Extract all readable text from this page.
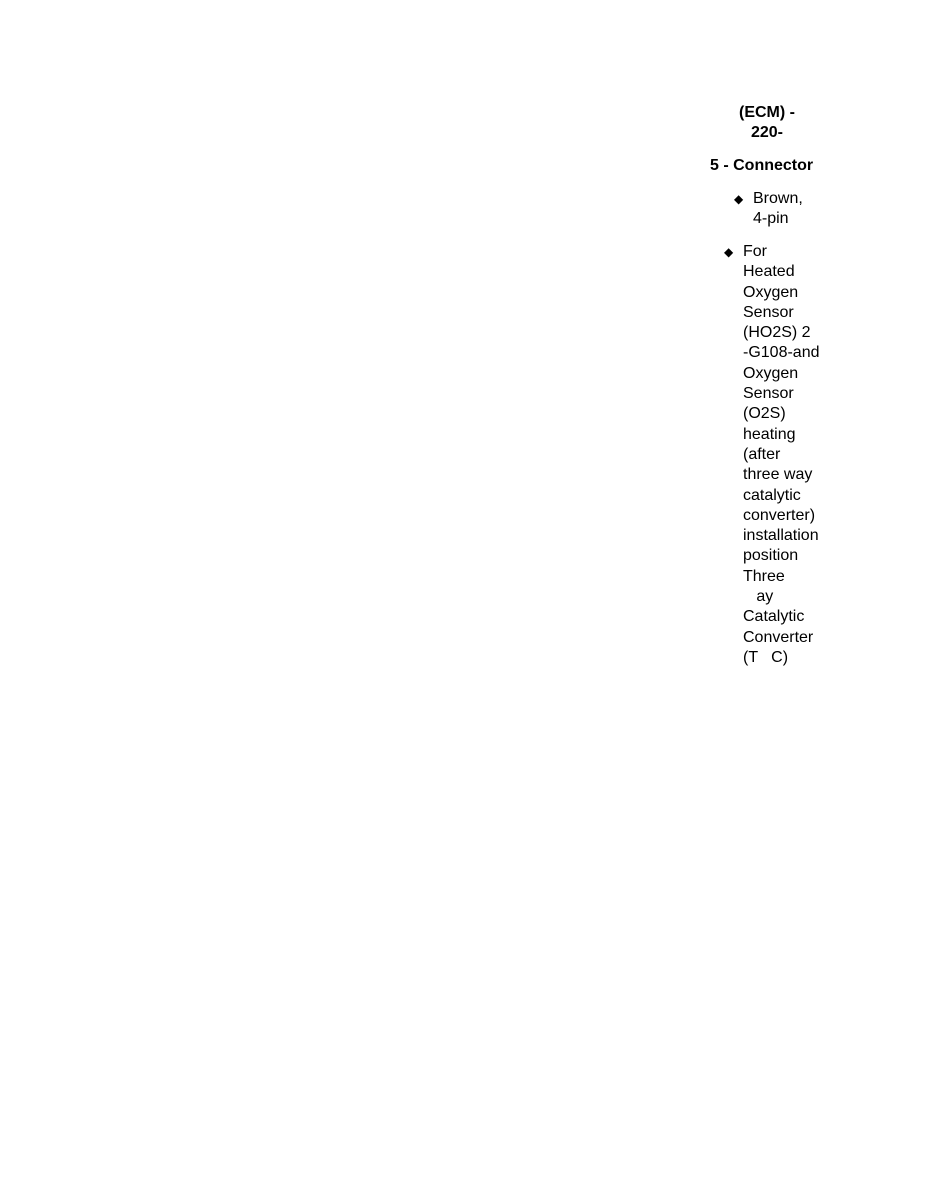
(ECM) -
220-
5 - Connector
◆ Brown,
4-pin
◆ For
Heated
Oxygen
Sensor
(HO2S) 2
-G108-and
Oxygen
Sensor
(O2S)
heating
(after
three way
catalytic
converter)
installation
position
Three
ay
Catalytic
Converter
(T   C)
